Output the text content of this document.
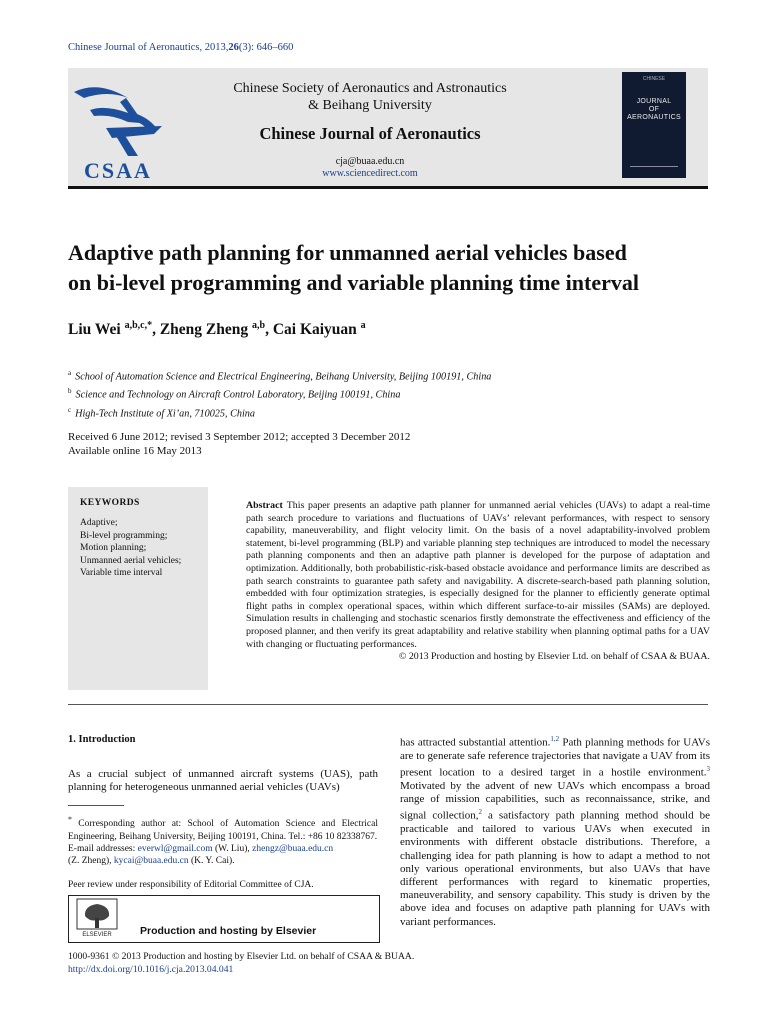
Chinese Journal of Aeronautics, 2013,26(3): 646–660
CSAA
Chinese Society of Aeronautics and Astronautics
& Beihang University
Chinese Journal of Aeronautics
cja@buaa.edu.cn
www.sciencedirect.com
CHINESE
JOURNAL
OF
AERONAUTICS
Adaptive path planning for unmanned aerial vehicles based
on bi-level programming and variable planning time interval
Liu Wei $^{a,b,c,*}$, Zheng Zheng $^{a,b}$, Cai Kaiyuan $^a$
$^a$ School of Automation Science and Electrical Engineering, Beihang University, Beijing 100191, China
$^b$ Science and Technology on Aircraft Control Laboratory, Beijing 100191, China
$^c$ High-Tech Institute of Xi’an, 710025, China
Received 6 June 2012; revised 3 September 2012; accepted 3 December 2012
Available online 16 May 2013
KEYWORDS
Adaptive;
Bi-level programming;
Motion planning;
Unmanned aerial vehicles;
Variable time interval
Abstract This paper presents an adaptive path planner for unmanned aerial vehicles (UAVs) to adapt a real-time path search procedure to variations and fluctuations of UAVs’ relevant performances, with respect to sensory capability, maneuverability, and flight velocity limit. On the basis of a novel adaptability-involved problem statement, bi-level programming (BLP) and variable planning step techniques are introduced to model the necessary path planning components and then an adaptive path planner is developed for the purpose of adaptation and optimization. Additionally, both probabilistic-risk-based obstacle avoidance and performance limits are described as path search constraints to guarantee path safety and navigability. A discrete-search-based path planning solution, embedded with four optimization strategies, is especially designed for the planner to efficiently generate optimal flight paths in complex operational spaces, within which different surface-to-air missiles (SAMs) are deployed. Simulation results in challenging and stochastic scenarios firstly demonstrate the effectiveness and efficiency of the proposed planner, and then verify its great adaptability and relative stability when planning optimal paths for a UAV with changing or fluctuating performances.
© 2013 Production and hosting by Elsevier Ltd. on behalf of CSAA & BUAA.
1. Introduction
As a crucial subject of unmanned aircraft systems (UAS), path planning for heterogeneous unmanned aerial vehicles (UAVs)
* Corresponding author at: School of Automation Science and Electrical Engineering, Beihang University, Beijing 100191, China. Tel.: +86 10 82338767.
E-mail addresses: everwl@gmail.com (W. Liu), zhengz@buaa.edu.cn
(Z. Zheng), kycai@buaa.edu.cn (K. Y. Cai).
Peer review under responsibility of Editorial Committee of CJA.
ELSEVIER	Production and hosting by Elsevier
has attracted substantial attention.$^{1,2}$ Path planning methods for UAVs are to generate safe reference trajectories that navigate a UAV from its present location to a desired target in a hostile environment.$^3$ Motivated by the advent of new UAVs which encompass a broad range of mission capabilities, such as reconnaissance, strike, and signal collection,$^2$ a satisfactory path planning method should be practicable and tailored to various UAVs when executed in environments with different obstacle distributions. Therefore, a challenging idea for path planning is how to adapt a method to not only various operational environments, but also UAVs that have different performances with regard to kinematic properties, maneuverability, and sensory capability. This study is driven by the above idea and focuses on adaptive path planning for UAVs with variant performances.
1000-9361 © 2013 Production and hosting by Elsevier Ltd. on behalf of CSAA & BUAA.
http://dx.doi.org/10.1016/j.cja.2013.04.041
